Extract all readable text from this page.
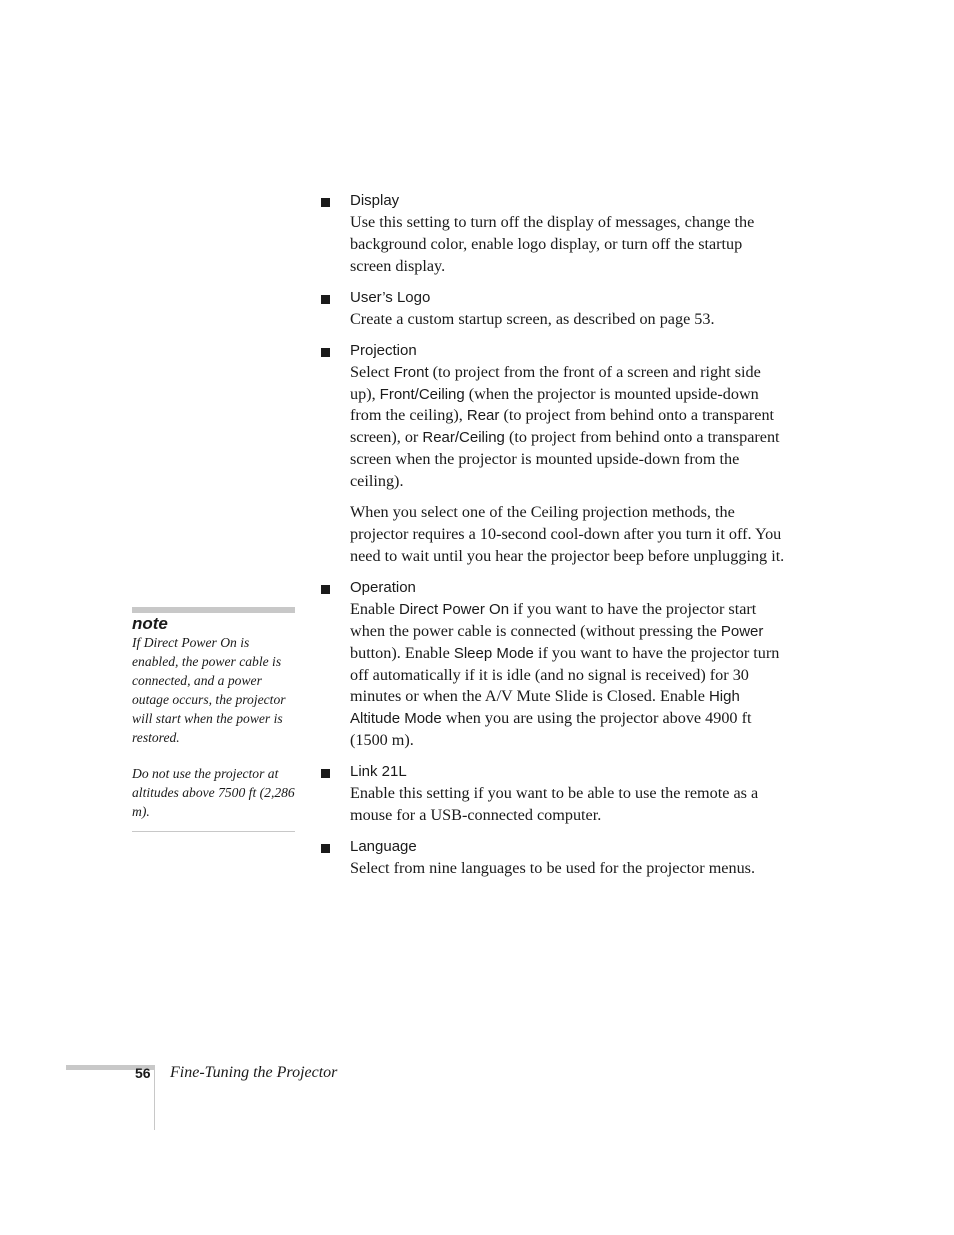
Display

Use this setting to turn off the display of messages, change the background color, enable logo display, or turn off the startup screen display.

User’s Logo

Create a custom startup screen, as described on page 53.

Projection

Select Front (to project from the front of a screen and right side up), Front/Ceiling (when the projector is mounted upside-down from the ceiling), Rear (to project from behind onto a transparent screen), or Rear/Ceiling (to project from behind onto a transparent screen when the projector is mounted upside-down from the ceiling).

When you select one of the Ceiling projection methods, the projector requires a 10-second cool-down after you turn it off. You need to wait until you hear the projector beep before unplugging it.

Operation

Enable Direct Power On if you want to have the projector start when the power cable is connected (without pressing the Power button). Enable Sleep Mode if you want to have the projector turn off automatically if it is idle (and no signal is received) for 30 minutes or when the A/V Mute Slide is Closed. Enable High Altitude Mode when you are using the projector above 4900 ft (1500 m).

Link 21L

Enable this setting if you want to be able to use the remote as a mouse for a USB-connected computer.

Language

Select from nine languages to be used for the projector menus.

note

If Direct Power On is enabled, the power cable is connected, and a power outage occurs, the projector will start when the power is restored.

Do not use the projector at altitudes above 7500 ft (2,286 m).

56 Fine-Tuning the Projector
